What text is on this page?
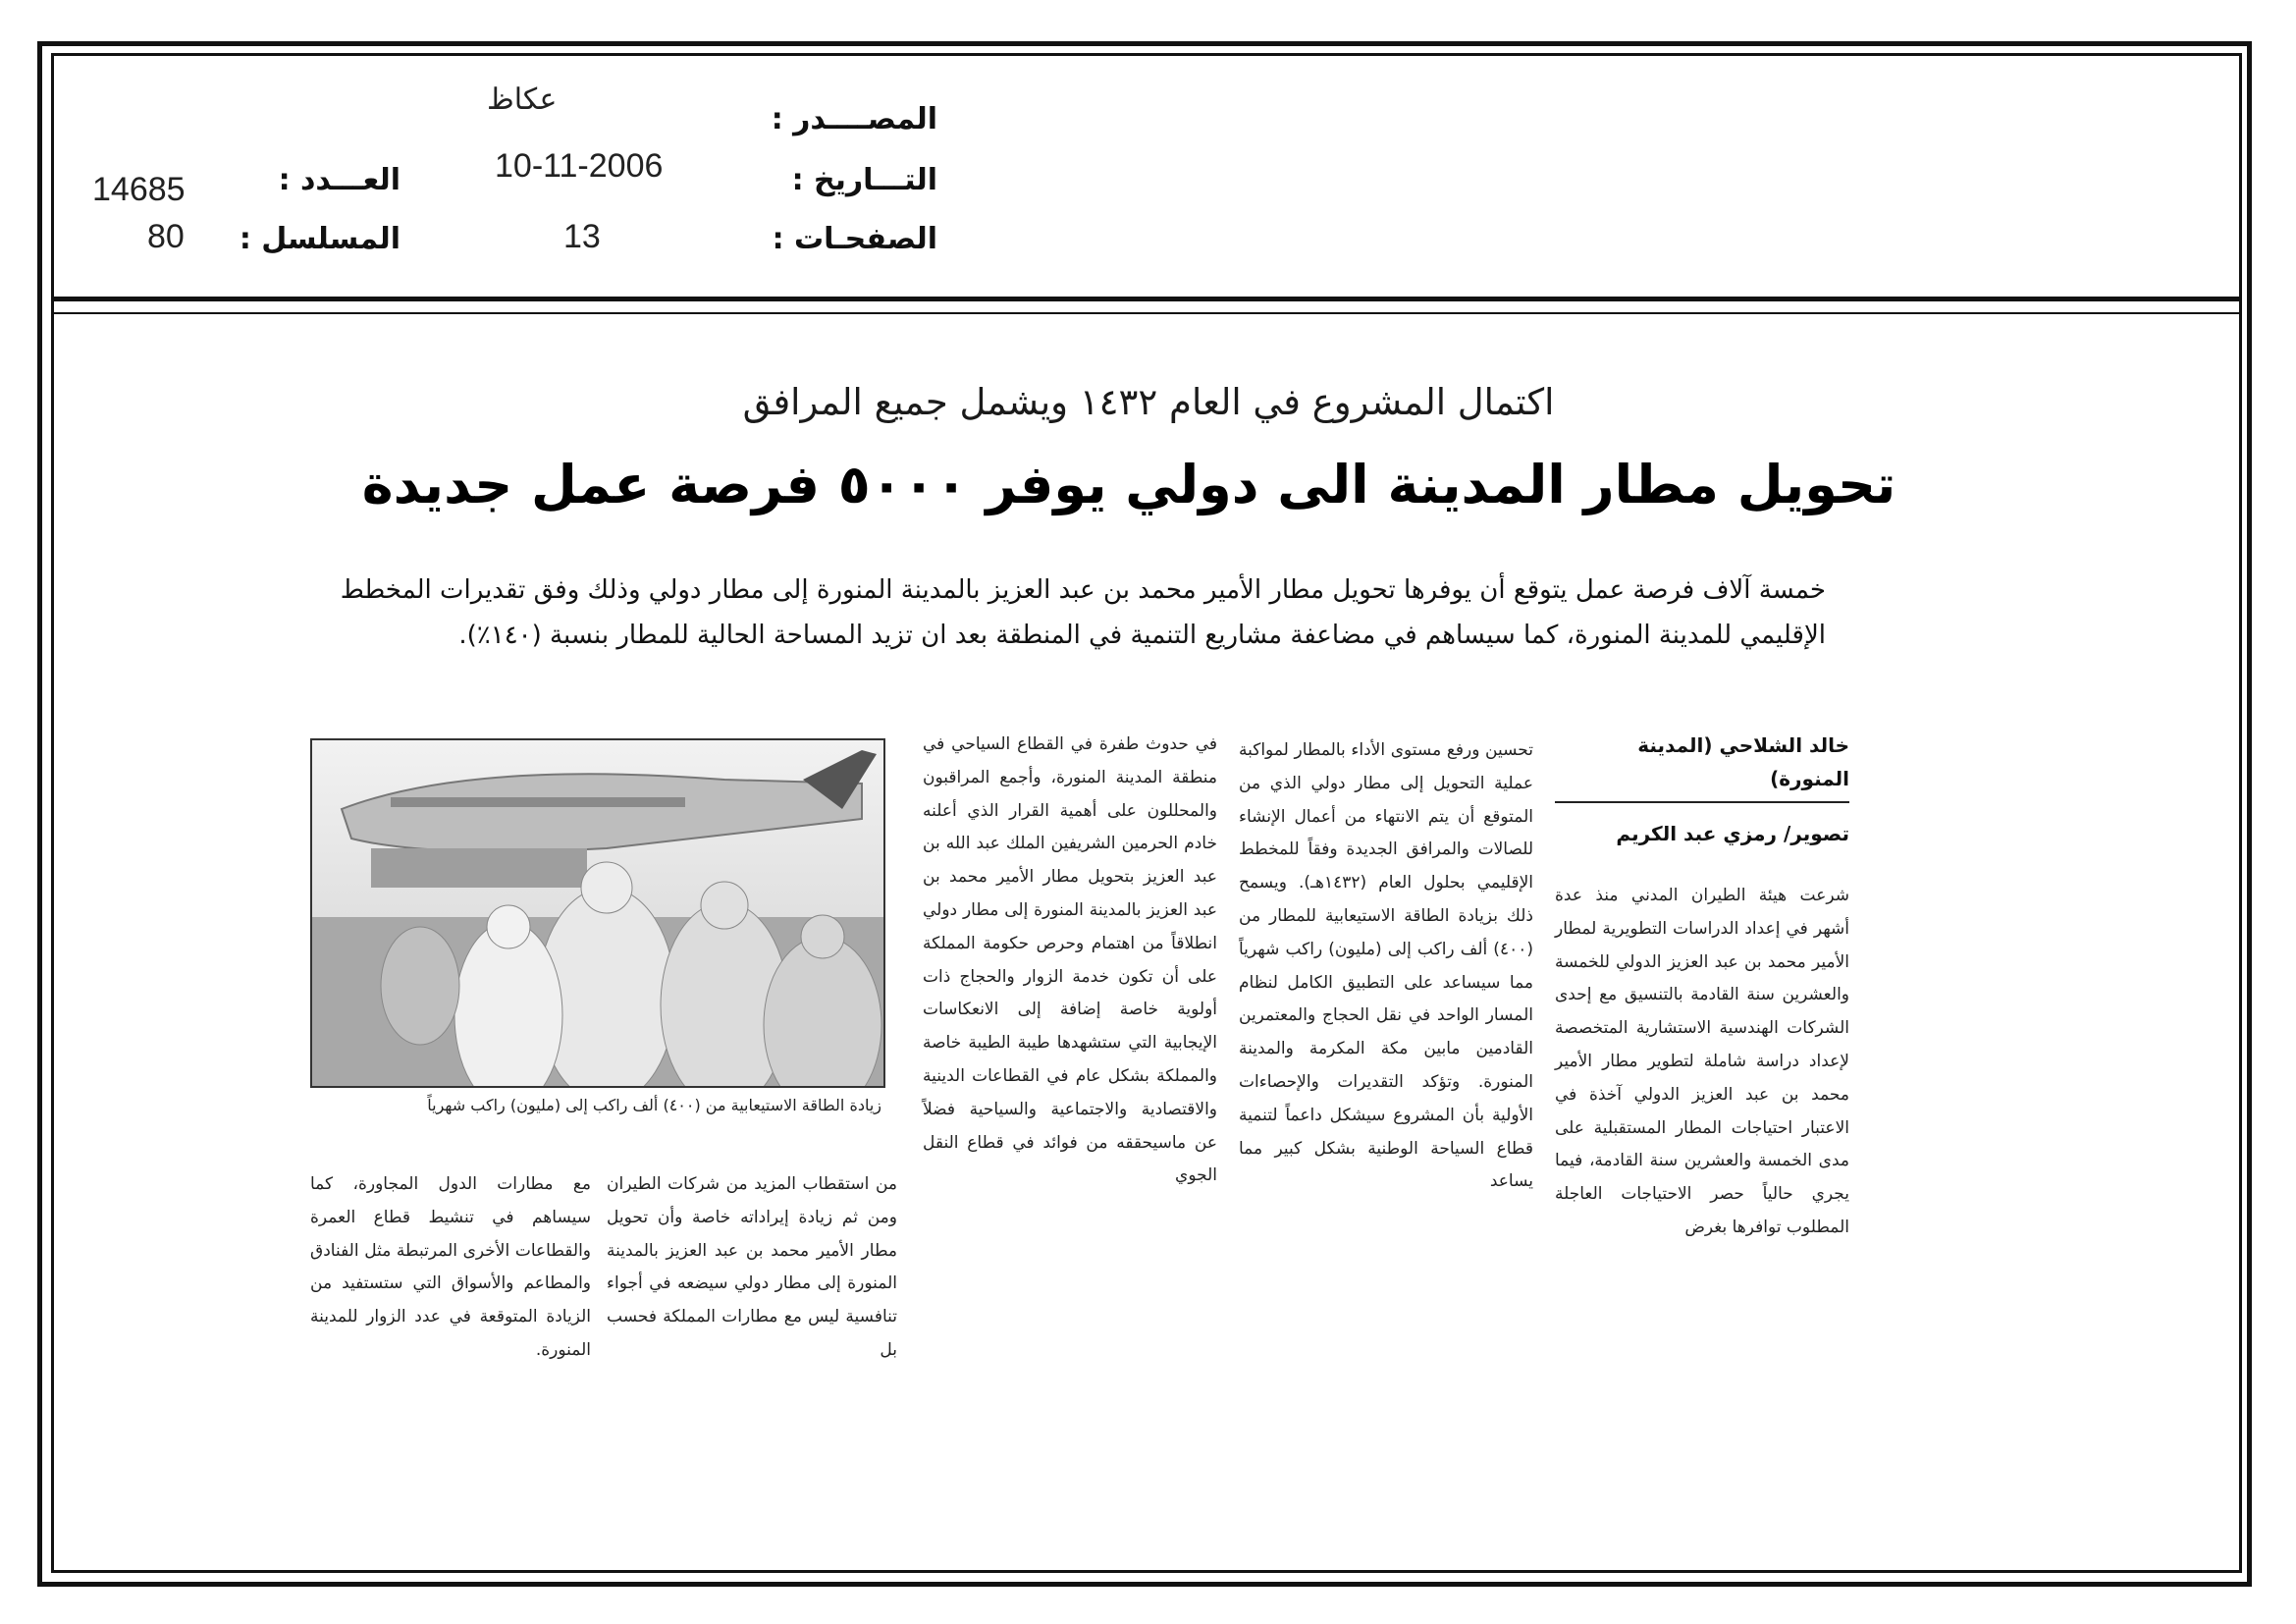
المصــــدر :
عكاظ
التـــاريخ :
10-11-2006
الصفحـات :
13
العـــدد :
14685
المسلسل :
80
اكتمال المشروع في العام ١٤٣٢ ويشمل جميع المرافق
تحويل مطار المدينة الى دولي يوفر ٥٠٠٠ فرصة عمل جديدة
خمسة آلاف فرصة عمل يتوقع أن يوفرها تحويل مطار الأمير محمد بن عبد العزيز بالمدينة المنورة إلى مطار دولي وذلك وفق تقديرات المخطط الإقليمي للمدينة المنورة، كما سيساهم في مضاعفة مشاريع التنمية في المنطقة بعد ان تزيد المساحة الحالية للمطار بنسبة (١٤٠٪).
خالد الشلاحي (المدينة المنورة)
تصوير/ رمزي عبد الكريم

شرعت هيئة الطيران المدني منذ عدة أشهر في إعداد الدراسات التطويرية لمطار الأمير محمد بن عبد العزيز الدولي للخمسة والعشرين سنة القادمة بالتنسيق مع إحدى الشركات الهندسية الاستشارية المتخصصة لإعداد دراسة شاملة لتطوير مطار الأمير محمد بن عبد العزيز الدولي آخذة في الاعتبار احتياجات المطار المستقبلية على مدى الخمسة والعشرين سنة القادمة، فيما يجري حالياً حصر الاحتياجات العاجلة المطلوب توافرها بغرض

تحسين ورفع مستوى الأداء بالمطار لمواكبة عملية التحويل إلى مطار دولي الذي من المتوقع أن يتم الانتهاء من أعمال الإنشاء للصالات والمرافق الجديدة وفقاً للمخطط الإقليمي بحلول العام (١٤٣٢هـ). ويسمح ذلك بزيادة الطاقة الاستيعابية للمطار من (٤٠٠) ألف راكب إلى (مليون) راكب شهرياً مما سيساعد على التطبيق الكامل لنظام المسار الواحد في نقل الحجاج والمعتمرين القادمين مابين مكة المكرمة والمدينة المنورة. وتؤكد التقديرات والإحصاءات الأولية بأن المشروع سيشكل داعماً لتنمية قطاع السياحة الوطنية بشكل كبير مما يساعد

في حدوث طفرة في القطاع السياحي في منطقة المدينة المنورة، وأجمع المراقبون والمحللون على أهمية القرار الذي أعلنه خادم الحرمين الشريفين الملك عبد الله بن عبد العزيز بتحويل مطار الأمير محمد بن عبد العزيز بالمدينة المنورة إلى مطار دولي انطلاقاً من اهتمام وحرص حكومة المملكة على أن تكون خدمة الزوار والحجاج ذات أولوية خاصة إضافة إلى الانعكاسات الإيجابية التي ستشهدها طيبة الطيبة خاصة والمملكة بشكل عام في القطاعات الدينية والاقتصادية والاجتماعية والسياحية فضلاً عن ماسيحققه من فوائد في قطاع النقل الجوي

من استقطاب المزيد من شركات الطيران ومن ثم زيادة إيراداته خاصة وأن تحويل مطار الأمير محمد بن عبد العزيز بالمدينة المنورة إلى مطار دولي سيضعه في أجواء تنافسية ليس مع مطارات المملكة فحسب بل

مع مطارات الدول المجاورة، كما سيساهم في تنشيط قطاع العمرة والقطاعات الأخرى المرتبطة مثل الفنادق والمطاعم والأسواق التي ستستفيد من الزيادة المتوقعة في عدد الزوار للمدينة المنورة.

زيادة الطاقة الاستيعابية من (٤٠٠) ألف راكب إلى (مليون) راكب شهرياً
